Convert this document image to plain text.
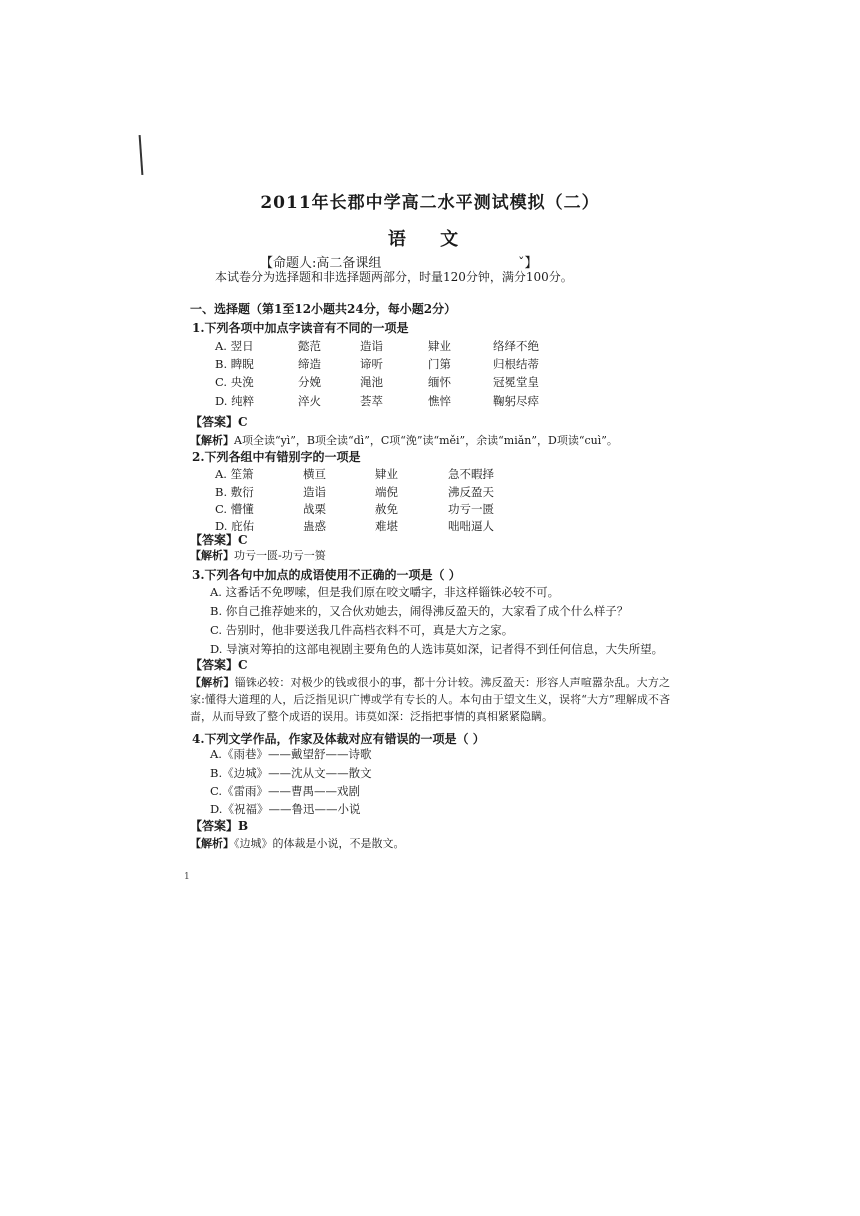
2011年长郡中学高二水平测试模拟（二）
语 文
【命题人:高二备课组	ˇ】
本试卷分为选择题和非选择题两部分，时量120分钟，满分100分。
一、选择题（第1至12小题共24分，每小题2分）
1.下列各项中加点字读音有不同的一项是
A. 翌日	懿范	造诣	肄业	络绎不绝
B. 睥睨	缔造	谛听	门第	归根结蒂
C. 央浼	分娩	渑池	缅怀	冠冕堂皇
D. 纯粹	淬火	荟萃	憔悴	鞠躬尽瘁
【答案】C
【解析】A项全读“yì”，B项全读“dì”，C项“浼”读“měi”，余读“miǎn”，D项读“cuì”。
2.下列各组中有错别字的一项是
A. 笙箫	横亘	肄业	急不暇择
B. 敷衍	造诣	端倪	沸反盈天
C. 懵懂	战栗	赦免	功亏一匮
D. 庇佑	蛊惑	难堪	咄咄逼人
【答案】C
【解析】功亏一匮-功亏一篑
3.下列各句中加点的成语使用不正确的一项是（ ）
A. 这番话不免啰嗦，但是我们原在咬文嚼字，非这样锱铢必较不可。
B. 你自己推荐她来的，又合伙劝她去，闹得沸反盈天的，大家看了成个什么样子？
C. 告别时，他非要送我几件高档衣料不可，真是大方之家。
D. 导演对筹拍的这部电视剧主要角色的人选讳莫如深，记者得不到任何信息，大失所望。
【答案】C
【解析】锱铢必较：对极少的钱或很小的事，都十分计较。沸反盈天：形容人声喧嚣杂乱。大方之家:懂得大道理的人，后泛指见识广博或学有专长的人。本句由于望文生义，误将“大方”理解成不吝啬，从而导致了整个成语的误用。讳莫如深：泛指把事情的真相紧紧隐瞒。
4.下列文学作品，作家及体裁对应有错误的一项是（ ）
A.《雨巷》——戴望舒——诗歌
B.《边城》——沈从文——散文
C.《雷雨》——曹禺——戏剧
D.《祝福》——鲁迅——小说
【答案】B
【解析】《边城》的体裁是小说，不是散文。
1
